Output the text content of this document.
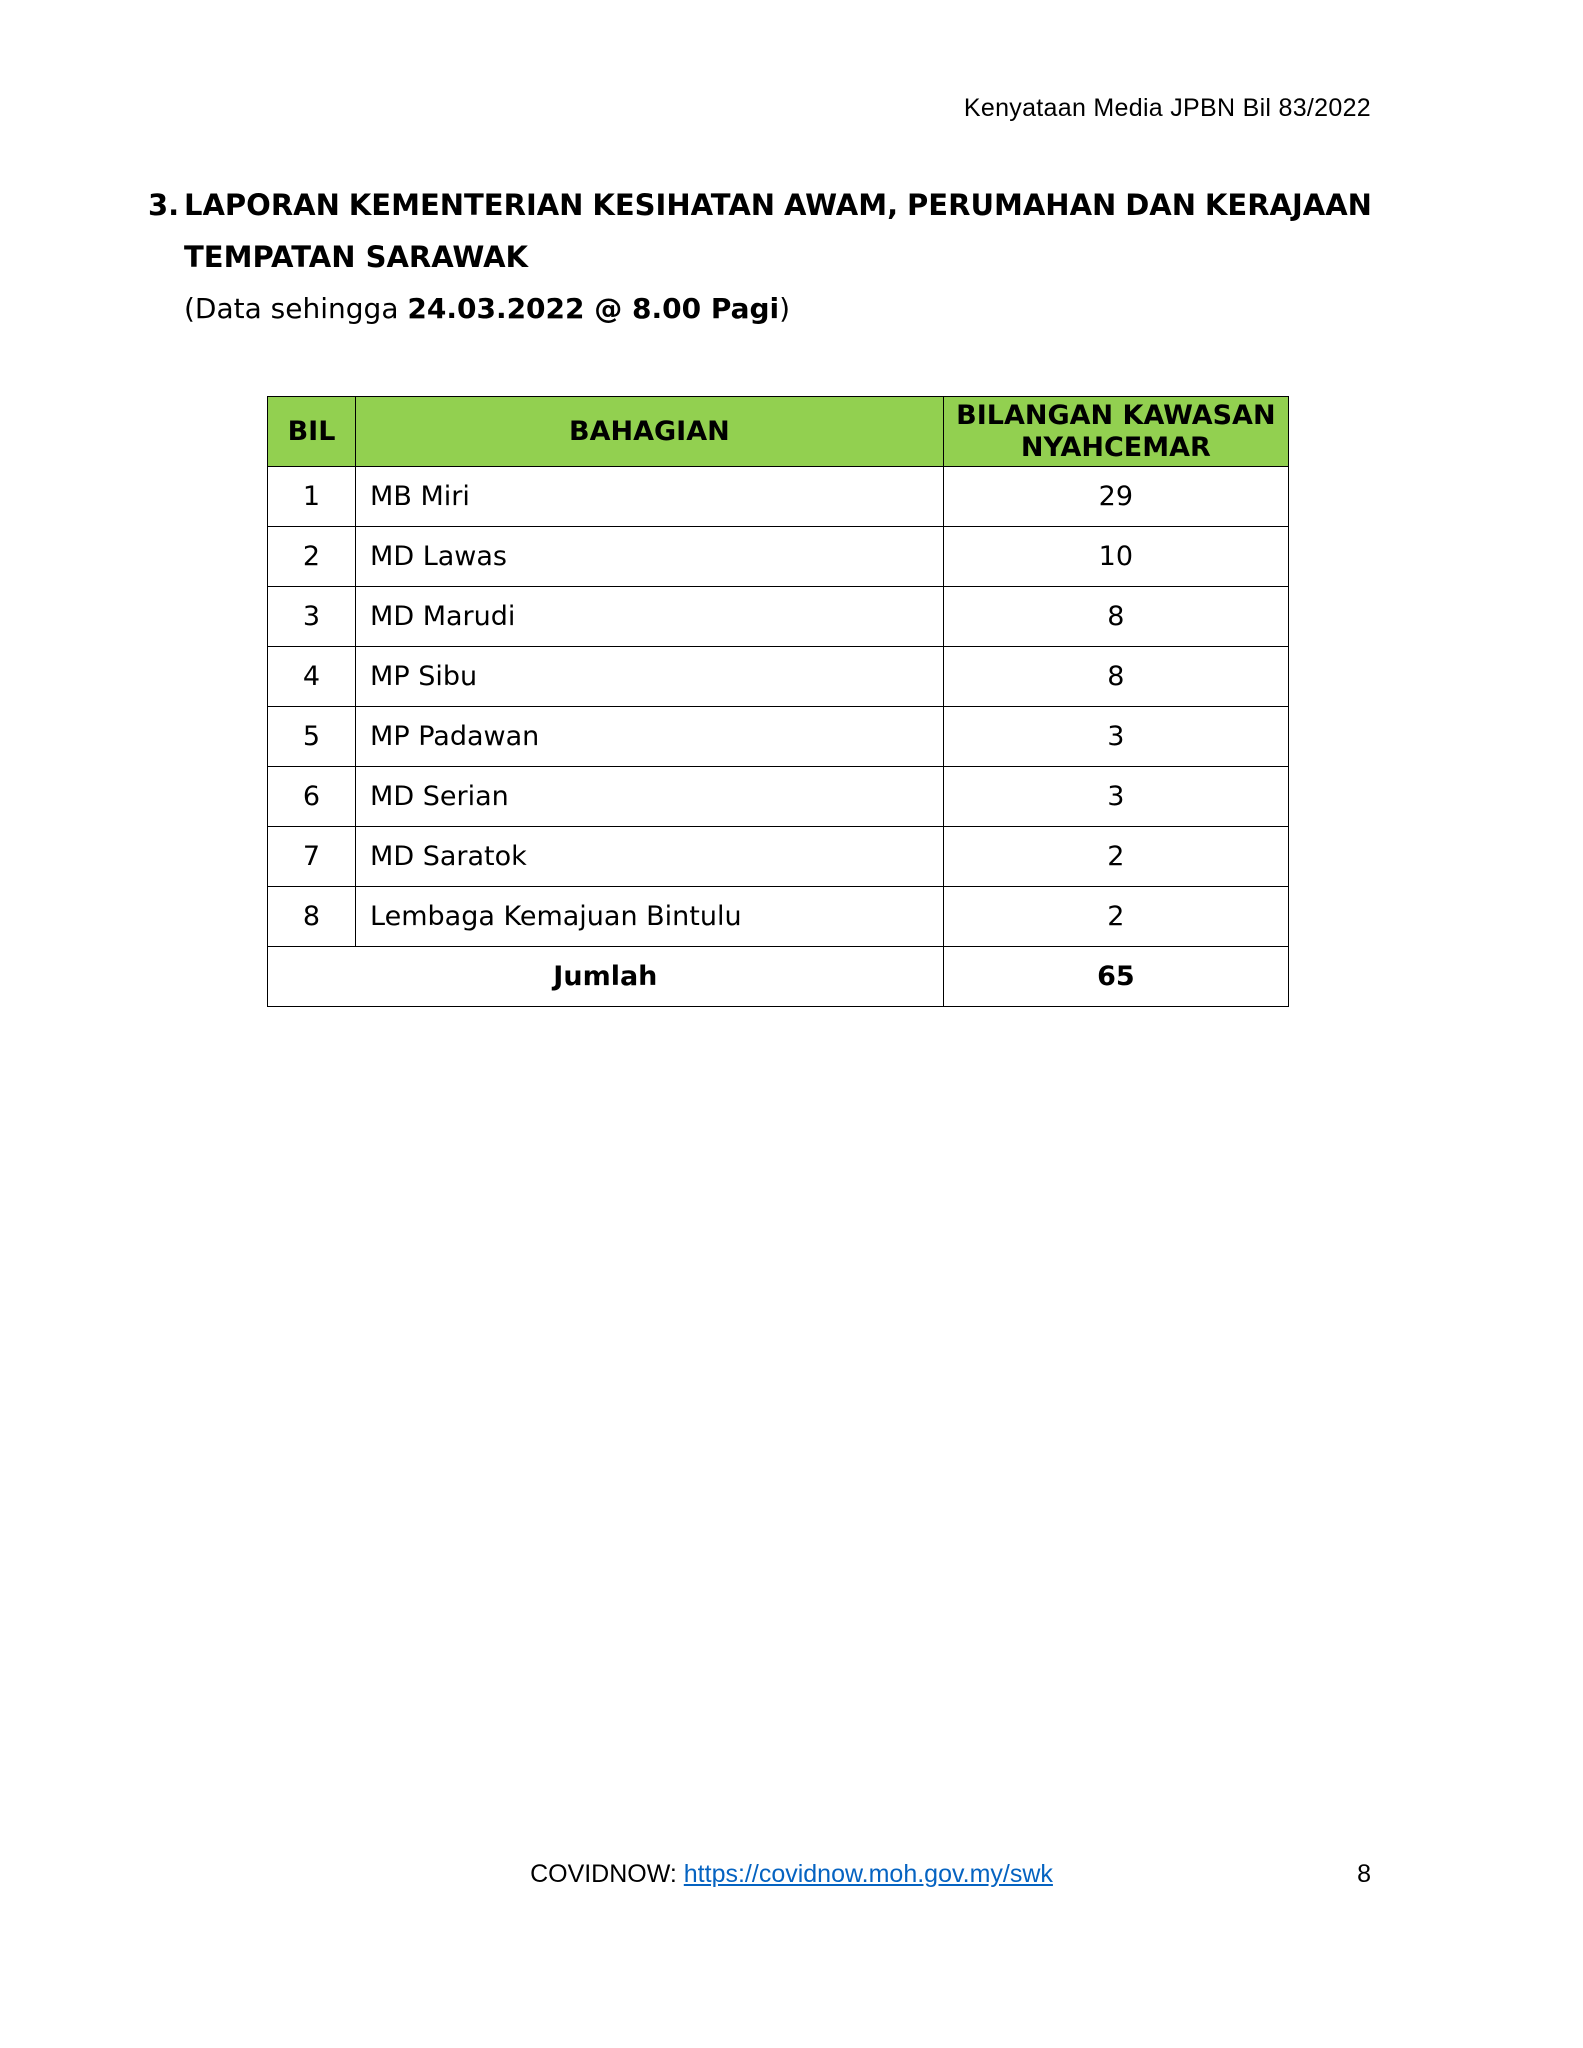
Kenyataan Media JPBN Bil 83/2022
3. LAPORAN KEMENTERIAN KESIHATAN AWAM, PERUMAHAN DAN KERAJAAN
TEMPATAN SARAWAK
(Data sehingga 24.03.2022 @ 8.00 Pagi)
BIL	BAHAGIAN	BILANGAN KAWASAN
NYAHCEMAR
1	MB Miri	29
2	MD Lawas	10
3	MD Marudi	8
4	MP Sibu	8
5	MP Padawan	3
6	MD Serian	3
7	MD Saratok	2
8	Lembaga Kemajuan Bintulu	2
Jumlah		65
COVIDNOW: https://covidnow.moh.gov.my/swk	8
